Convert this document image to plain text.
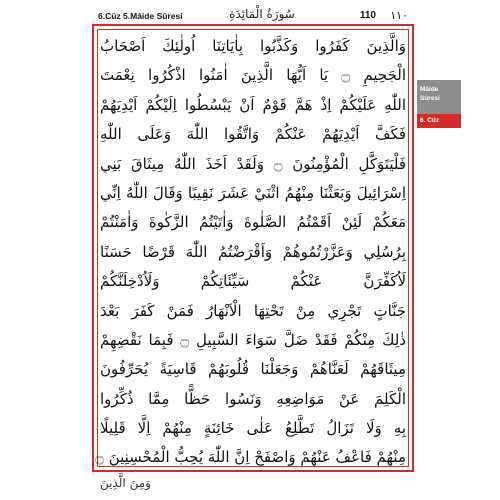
6.Cüz 5.Mâide Sûresi	سُورَةُ الْمَائِدَةِ	110 ١١٠
وَالَّذِينَ كَفَرُوا وَكَذَّبُوا بِاٰيَاتِنَا اُولٰئِكَ اَصْحَابُ
الْجَحِيمِ ۝ يَا اَيُّهَا الَّذِينَ اٰمَنُوا اذْكُرُوا نِعْمَتَ
اللّٰهِ عَلَيْكُمْ اِذْ هَمَّ قَوْمٌ اَنْ يَبْسُطُوا اِلَيْكُمْ اَيْدِيَهُمْ
فَكَفَّ اَيْدِيَهُمْ عَنْكُمْ وَاتَّقُوا اللّٰهَ وَعَلَى اللّٰهِ
فَلْيَتَوَكَّلِ الْمُؤْمِنُونَ ۝ وَلَقَدْ اَخَذَ اللّٰهُ مِيثَاقَ بَنِي
اِسْرَائِيلَ وَبَعَثْنَا مِنْهُمُ اثْنَيْ عَشَرَ نَقِيبًا وَقَالَ اللّٰهُ اِنِّي
مَعَكُمْ لَئِنْ اَقَمْتُمُ الصَّلٰوةَ وَاٰتَيْتُمُ الزَّكٰوةَ وَاٰمَنْتُمْ
بِرُسُلِي وَعَزَّرْتُمُوهُمْ وَاَقْرَضْتُمُ اللّٰهَ قَرْضًا حَسَنًا
لَاُكَفِّرَنَّ عَنْكُمْ سَيِّئَاتِكُمْ وَلَاُدْخِلَنَّكُمْ
جَنَّاتٍ تَجْرِي مِنْ تَحْتِهَا الْاَنْهَارُ فَمَنْ كَفَرَ بَعْدَ
ذٰلِكَ مِنْكُمْ فَقَدْ ضَلَّ سَوَاءَ السَّبِيلِ ۝ فَبِمَا نَقْضِهِمْ
مِيثَاقَهُمْ لَعَنَّاهُمْ وَجَعَلْنَا قُلُوبَهُمْ قَاسِيَةً يُحَرِّفُونَ
الْكَلِمَ عَنْ مَوَاضِعِهِ وَنَسُوا حَظًّا مِمَّا ذُكِّرُوا
بِهِ وَلَا تَزَالُ تَطَّلِعُ عَلٰى خَائِنَةٍ مِنْهُمْ اِلَّا قَلِيلًا
مِنْهُمْ فَاعْفُ عَنْهُمْ وَاصْفَحْ اِنَّ اللّٰهَ يُحِبُّ الْمُحْسِنِينَ ۝
Mâide Sûresi
6. Cüz
وَمِنَ الَّذِينَ
